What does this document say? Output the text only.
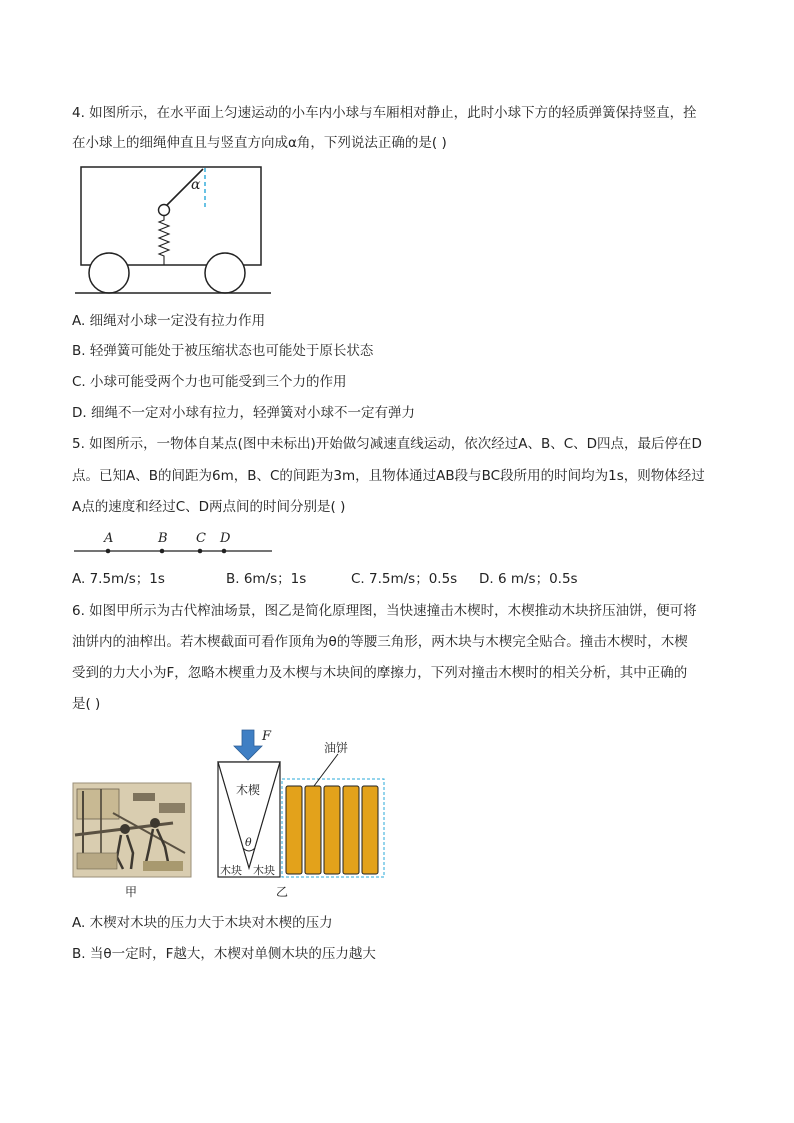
4. 如图所示，在水平面上匀速运动的小车内小球与车厢相对静止，此时小球下方的轻质弹簧保持竖直，拴
在小球上的细绳伸直且与竖直方向成α角，下列说法正确的是( )
α
A. 细绳对小球一定没有拉力作用
B. 轻弹簧可能处于被压缩状态也可能处于原长状态
C. 小球可能受两个力也可能受到三个力的作用
D. 细绳不一定对小球有拉力，轻弹簧对小球不一定有弹力
5. 如图所示，一物体自某点(图中未标出)开始做匀减速直线运动，依次经过A、B、C、D四点，最后停在D
点。已知A、B的间距为6m，B、C的间距为3m，且物体通过AB段与BC段所用的时间均为1s，则物体经过
A点的速度和经过C、D两点间的时间分别是( )
A	B C D
A. 7.5m/s；1s	B. 6m/s；1s	C. 7.5m/s；0.5s D. 6 m/s；0.5s
6. 如图甲所示为古代榨油场景，图乙是简化原理图，当快速撞击木楔时，木楔推动木块挤压油饼，便可将
油饼内的油榨出。若木楔截面可看作顶角为θ的等腰三角形，两木块与木楔完全贴合。撞击木楔时，木楔
受到的力大小为F，忽略木楔重力及木楔与木块间的摩擦力，下列对撞击木楔时的相关分析，其中正确的
是( )
甲
F
木楔
θ
木块 木块
油饼
乙
A. 木楔对木块的压力大于木块对木楔的压力
B. 当θ一定时，F越大，木楔对单侧木块的压力越大
